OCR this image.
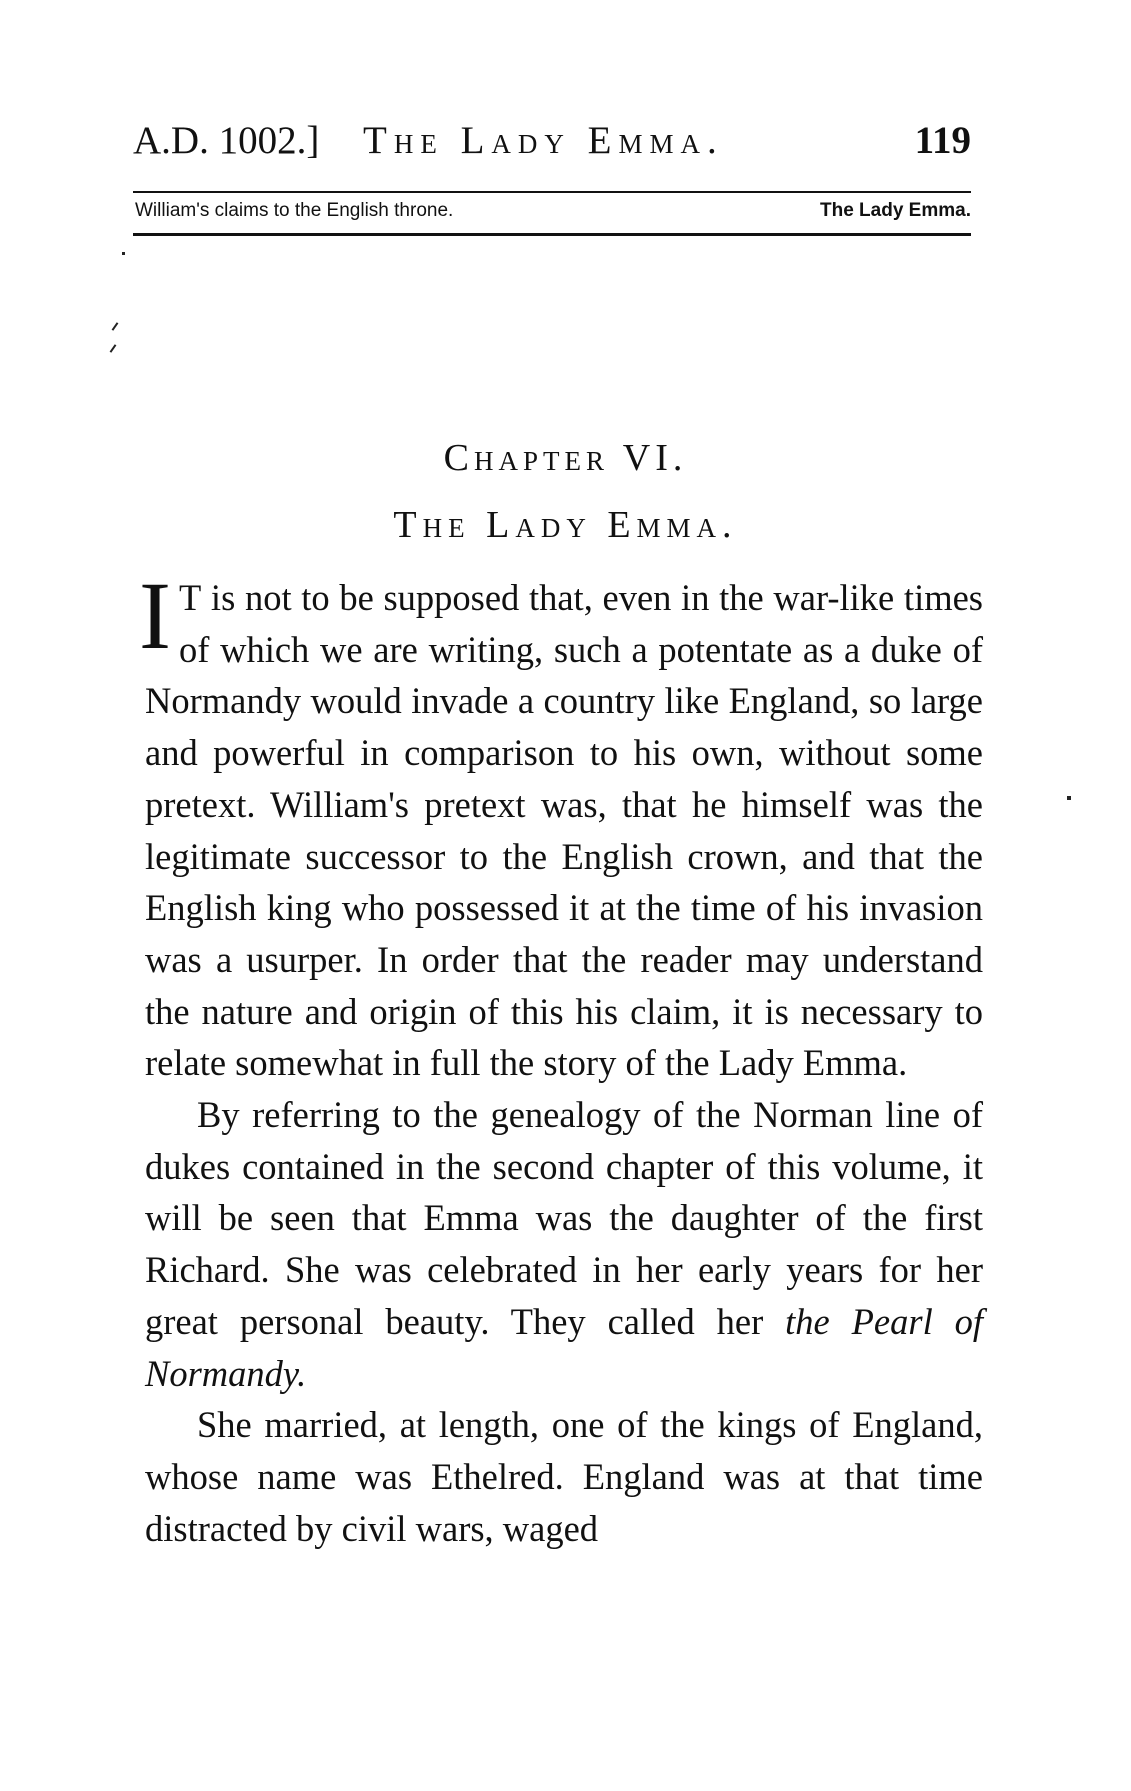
A.D. 1002.] The Lady Emma.	119
William's claims to the English throne.	The Lady Emma.
Chapter VI.
The Lady Emma.

I T is not to be supposed that, even in the war-like times of which we are writing, such a potentate as a duke of Normandy would invade a country like England, so large and powerful in comparison to his own, without some pretext. William's pretext was, that he himself was the legitimate successor to the English crown, and that the English king who possessed it at the time of his invasion was a usurper. In order that the reader may understand the nature and origin of this his claim, it is necessary to relate somewhat in full the story of the Lady Emma.

By referring to the genealogy of the Norman line of dukes contained in the second chapter of this volume, it will be seen that Emma was the daughter of the first Richard. She was celebrated in her early years for her great personal beauty. They called her the Pearl of Normandy.

She married, at length, one of the kings of England, whose name was Ethelred. England was at that time distracted by civil wars, waged
